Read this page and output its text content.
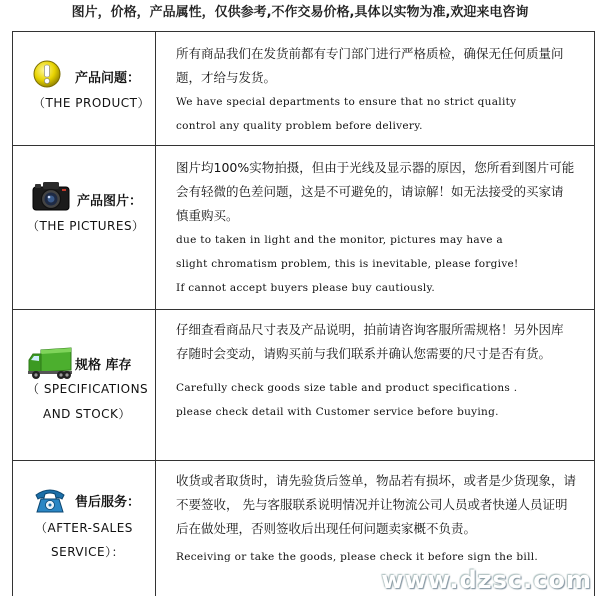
图片，价格，产品属性，仅供参考,不作交易价格,具体以实物为准,欢迎来电咨询
产品问题：
（THE PRODUCT）

所有商品我们在发货前都有专门部门进行严格质检，确保无任何质量问

题，才给与发货。

We have special departments to ensure that no strict quality

control any quality problem before delivery.

产品图片：
（THE PICTURES）

图片均100%实物拍摄，但由于光线及显示器的原因，您所看到图片可能

会有轻微的色差问题，这是不可避免的，请谅解！如无法接受的买家请

慎重购买。

due to taken in light and the monitor, pictures may have a

slight chromatism problem, this is inevitable, please forgive!

If cannot accept buyers please buy cautiously.

规格 库存
（ SPECIFICATIONS
AND STOCK）

仔细查看商品尺寸表及产品说明，拍前请咨询客服所需规格！另外因库

存随时会变动，请购买前与我们联系并确认您需要的尺寸是否有货。

Carefully check goods size table and product specifications .

please check detail with Customer service before buying.

售后服务：
（AFTER-SALES
SERVICE）：

收货或者取货时，请先验货后签单，物品若有损坏，或者是少货现象，请

不要签收， 先与客服联系说明情况并让物流公司人员或者快递人员证明

后在做处理，否则签收后出现任何问题卖家概不负责。

Receiving or take the goods, please check it before sign the bill.

www.dzsc.com
